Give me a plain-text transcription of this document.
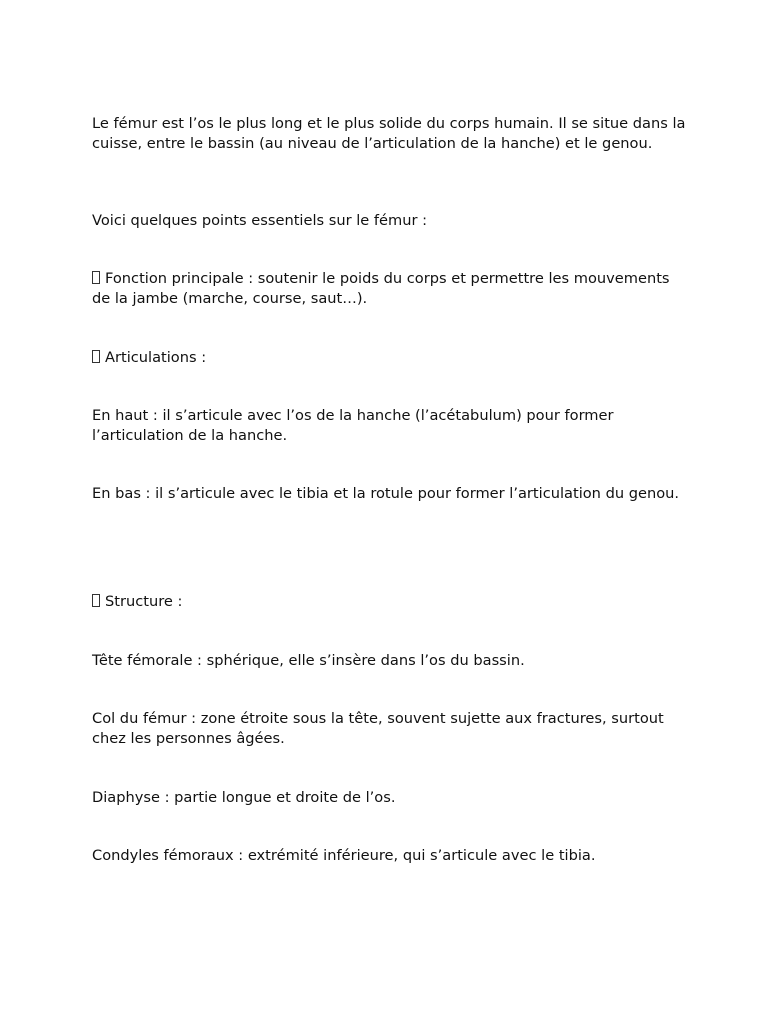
Le fémur est l’os le plus long et le plus solide du corps humain. Il se situe dans la cuisse, entre le bassin (au niveau de l’articulation de la hanche) et le genou.

Voici quelques points essentiels sur le fémur :

Fonction principale : soutenir le poids du corps et permettre les mouvements de la jambe (marche, course, saut…).

Articulations :

En haut : il s’articule avec l’os de la hanche (l’acétabulum) pour former l’articulation de la hanche.

En bas : il s’articule avec le tibia et la rotule pour former l’articulation du genou.

Structure :

Tête fémorale : sphérique, elle s’insère dans l’os du bassin.

Col du fémur : zone étroite sous la tête, souvent sujette aux fractures, surtout chez les personnes âgées.

Diaphyse : partie longue et droite de l’os.

Condyles fémoraux : extrémité inférieure, qui s’articule avec le tibia.
